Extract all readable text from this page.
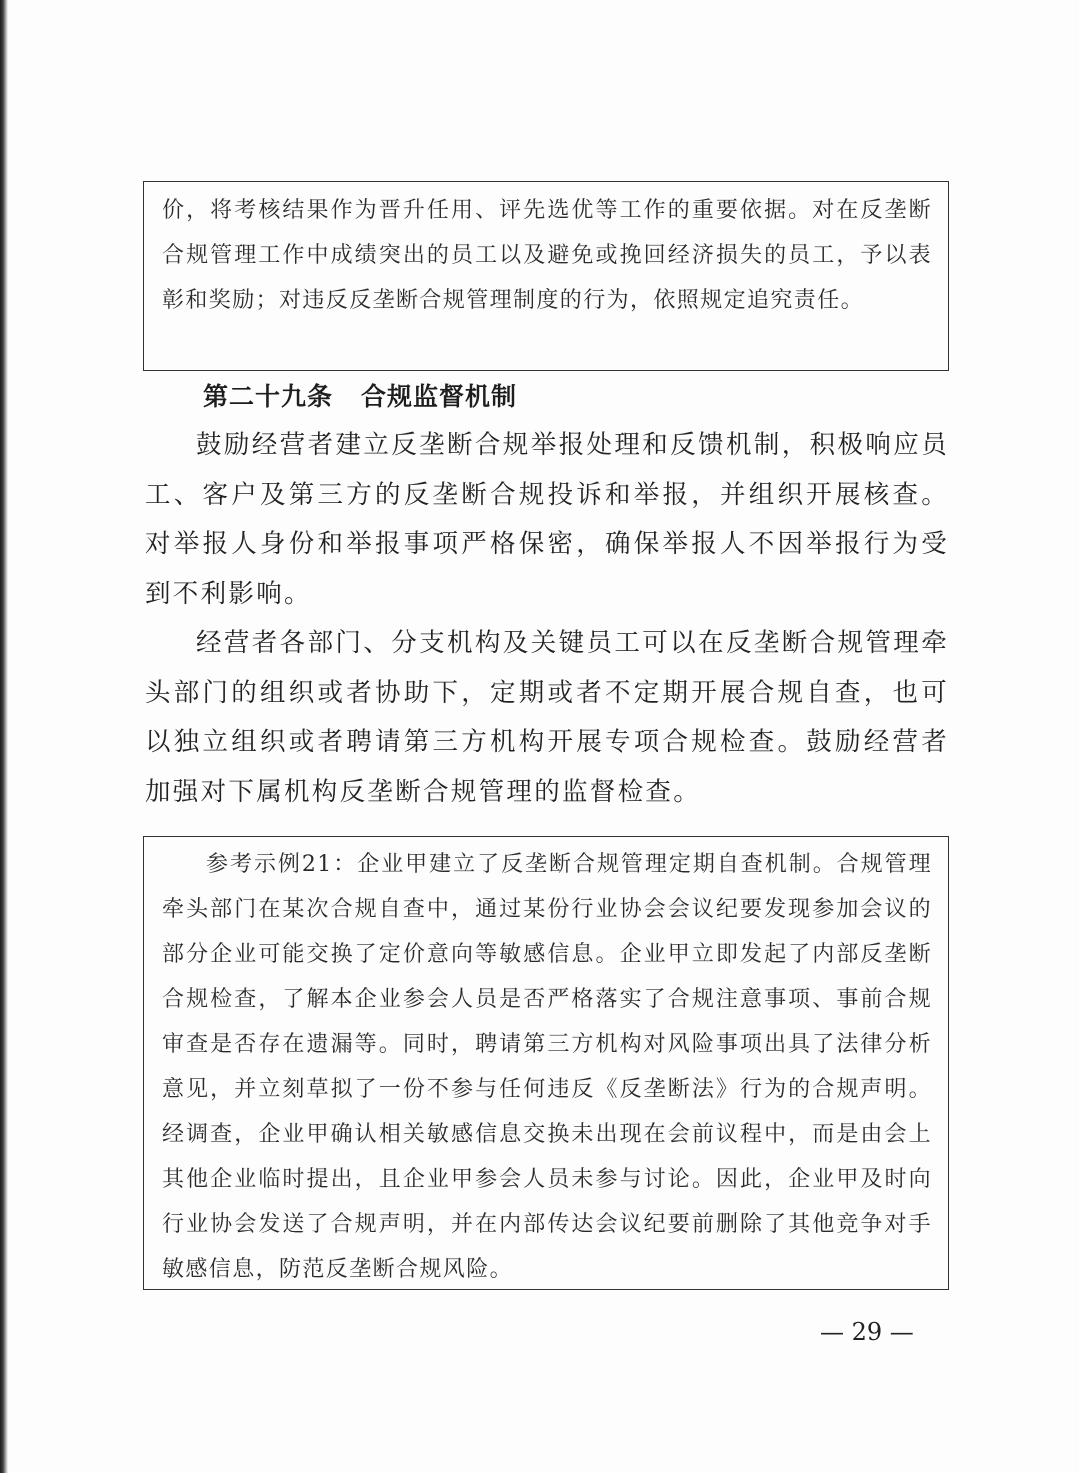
价，将考核结果作为晋升任用、评先选优等工作的重要依据。对在反垄断合规管理工作中成绩突出的员工以及避免或挽回经济损失的员工，予以表彰和奖励；对违反反垄断合规管理制度的行为，依照规定追究责任。

第二十九条 合规监督机制

鼓励经营者建立反垄断合规举报处理和反馈机制，积极响应员工、客户及第三方的反垄断合规投诉和举报，并组织开展核查。对举报人身份和举报事项严格保密，确保举报人不因举报行为受到不利影响。

经营者各部门、分支机构及关键员工可以在反垄断合规管理牵头部门的组织或者协助下，定期或者不定期开展合规自查，也可以独立组织或者聘请第三方机构开展专项合规检查。鼓励经营者加强对下属机构反垄断合规管理的监督检查。

参考示例21：企业甲建立了反垄断合规管理定期自查机制。合规管理牵头部门在某次合规自查中，通过某份行业协会会议纪要发现参加会议的部分企业可能交换了定价意向等敏感信息。企业甲立即发起了内部反垄断合规检查，了解本企业参会人员是否严格落实了合规注意事项、事前合规审查是否存在遗漏等。同时，聘请第三方机构对风险事项出具了法律分析意见，并立刻草拟了一份不参与任何违反《反垄断法》行为的合规声明。经调查，企业甲确认相关敏感信息交换未出现在会前议程中，而是由会上其他企业临时提出，且企业甲参会人员未参与讨论。因此，企业甲及时向行业协会发送了合规声明，并在内部传达会议纪要前删除了其他竞争对手敏感信息，防范反垄断合规风险。

— 29 —
